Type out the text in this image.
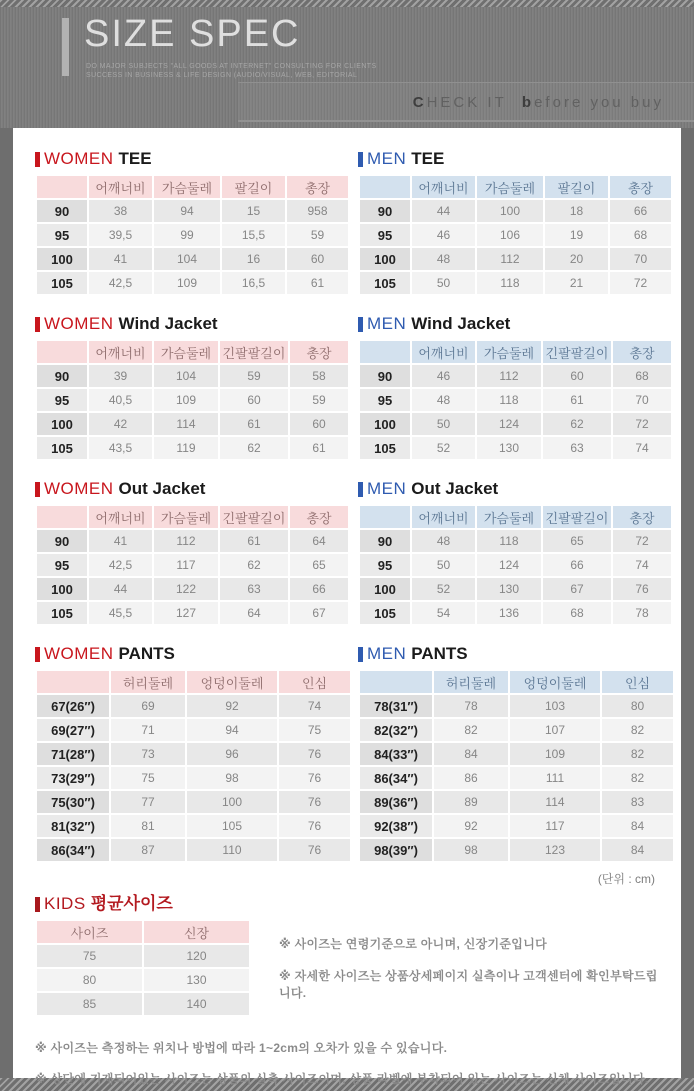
SIZE SPEC

DO MAJOR SUBJECTS "ALL GOODS AT INTERNET" CONSULTING FOR CLIENTS

SUCCESS IN BUSINESS & LIFE DESIGN (AUDIO/VISUAL, WEB, EDITORIAL

CHECK IT before you buy
WOMEN TEE
	어깨너비	가슴둘레	팔길이	총장
90	38	94	15	958
95	39,5	99	15,5	59
100	41	104	16	60
105	42,5	109	16,5	61
MEN TEE
	어깨너비	가슴둘레	팔길이	총장
90	44	100	18	66
95	46	106	19	68
100	48	112	20	70
105	50	118	21	72
WOMEN Wind Jacket
	어깨너비	가슴둘레	긴팔팔길이	총장
90	39	104	59	58
95	40,5	109	60	59
100	42	114	61	60
105	43,5	119	62	61
MEN Wind Jacket
	어깨너비	가슴둘레	긴팔팔길이	총장
90	46	112	60	68
95	48	118	61	70
100	50	124	62	72
105	52	130	63	74
WOMEN Out Jacket
	어깨너비	가슴둘레	긴팔팔길이	총장
90	41	112	61	64
95	42,5	117	62	65
100	44	122	63	66
105	45,5	127	64	67
MEN Out Jacket
	어깨너비	가슴둘레	긴팔팔길이	총장
90	48	118	65	72
95	50	124	66	74
100	52	130	67	76
105	54	136	68	78
WOMEN PANTS
	허리둘레	엉덩이둘레	인심
67(26″)	69	92	74
69(27″)	71	94	75
71(28″)	73	96	76
73(29″)	75	98	76
75(30″)	77	100	76
81(32″)	81	105	76
86(34″)	87	110	76
MEN PANTS
	허리둘레	엉덩이둘레	인심
78(31″)	78	103	80
82(32″)	82	107	82
84(33″)	84	109	82
86(34″)	86	111	82
89(36″)	89	114	83
92(38″)	92	117	84
98(39″)	98	123	84
(단위 : cm)
KIDS 평균사이즈
사이즈	신장
75	120
80	130
85	140

※ 사이즈는 연령기준으로 아니며, 신장기준입니다

※ 자세한 사이즈는 상품상세페이지 실측이나 고객센터에 확인부탁드립니다.

※ 사이즈는 측정하는 위치나 방법에 따라 1~2cm의 오차가 있을 수 있습니다.

※ 상단에 기재되어있는 사이즈는 상품의 실측 사이즈이며, 상품 라벨에 부착되어 있는 사이즈는 신체 사이즈입니다.
